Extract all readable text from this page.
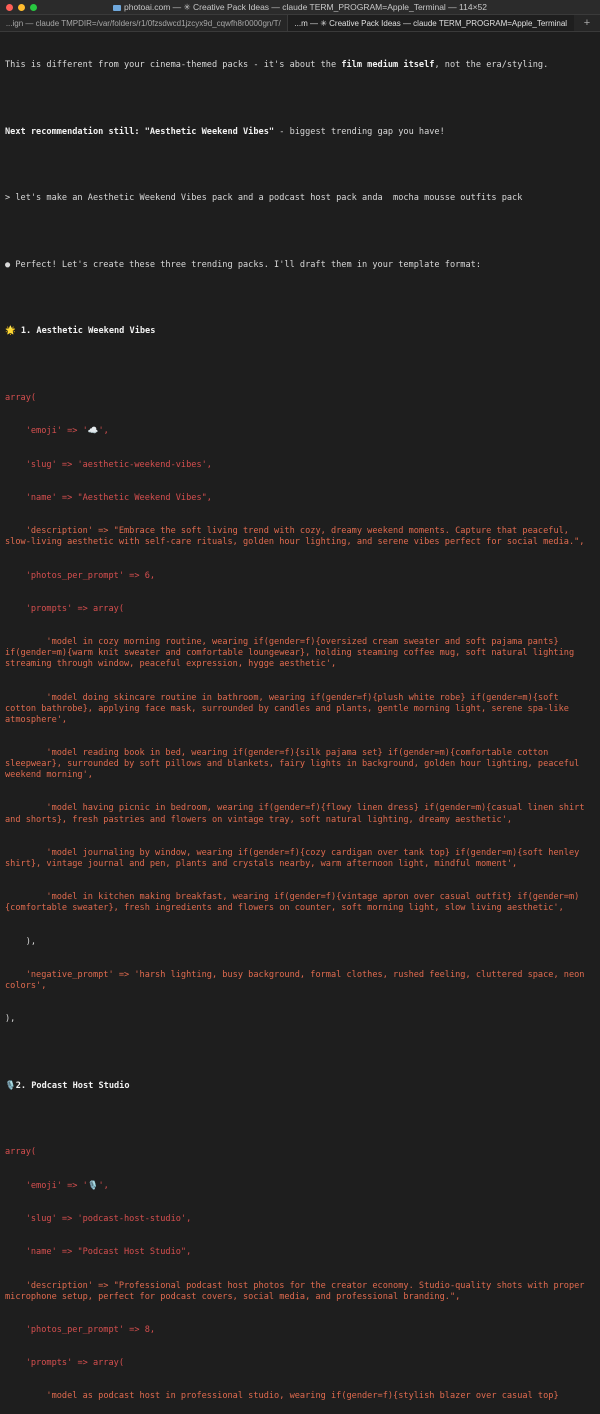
photoai.com — ✳ Creative Pack Ideas — claude TERM_PROGRAM=Apple_Terminal — 114×52
...ign — claude TMPDIR=/var/folders/r1/0fzsdwcd1jzcyx9d_cqwfh8r0000gn/T/ ...m — ✳ Creative Pack Ideas — claude TERM_PROGRAM=Apple_Terminal	+

This is different from your cinema-themed packs - it's about the film medium itself, not the era/styling.

Next recommendation still: "Aesthetic Weekend Vibes" - biggest trending gap you have!

> let's make an Aesthetic Weekend Vibes pack and a podcast host pack anda  mocha mousse outfits pack

● Perfect! Let's create these three trending packs. I'll draft them in your template format:

🌟 1. Aesthetic Weekend Vibes

array(

'emoji' => '☁️',

'slug' => 'aesthetic-weekend-vibes',

'name' => "Aesthetic Weekend Vibes",

'description' => "Embrace the soft living trend with cozy, dreamy weekend moments. Capture that peaceful, slow-living aesthetic with self-care rituals, golden hour lighting, and serene vibes perfect for social media.",

'photos_per_prompt' => 6,

'prompts' => array(

'model in cozy morning routine, wearing if(gender=f){oversized cream sweater and soft pajama pants} if(gender=m){warm knit sweater and comfortable loungewear}, holding steaming coffee mug, soft natural lighting streaming through window, peaceful expression, hygge aesthetic',

'model doing skincare routine in bathroom, wearing if(gender=f){plush white robe} if(gender=m){soft cotton bathrobe}, applying face mask, surrounded by candles and plants, gentle morning light, serene spa-like atmosphere',

'model reading book in bed, wearing if(gender=f){silk pajama set} if(gender=m){comfortable cotton sleepwear}, surrounded by soft pillows and blankets, fairy lights in background, golden hour lighting, peaceful weekend morning',

'model having picnic in bedroom, wearing if(gender=f){flowy linen dress} if(gender=m){casual linen shirt and shorts}, fresh pastries and flowers on vintage tray, soft natural lighting, dreamy aesthetic',

'model journaling by window, wearing if(gender=f){cozy cardigan over tank top} if(gender=m){soft henley shirt}, vintage journal and pen, plants and crystals nearby, warm afternoon light, mindful moment',

'model in kitchen making breakfast, wearing if(gender=f){vintage apron over casual outfit} if(gender=m){comfortable sweater}, fresh ingredients and flowers on counter, soft morning light, slow living aesthetic',

),

'negative_prompt' => 'harsh lighting, busy background, formal clothes, rushed feeling, cluttered space, neon colors',

),

🎙️2. Podcast Host Studio

array(

'emoji' => '🎙️',

'slug' => 'podcast-host-studio',

'name' => "Podcast Host Studio",

'description' => "Professional podcast host photos for the creator economy. Studio-quality shots with proper microphone setup, perfect for podcast covers, social media, and professional branding.",

'photos_per_prompt' => 8,

'prompts' => array(

'model as podcast host in professional studio, wearing if(gender=f){stylish blazer over casual top}
